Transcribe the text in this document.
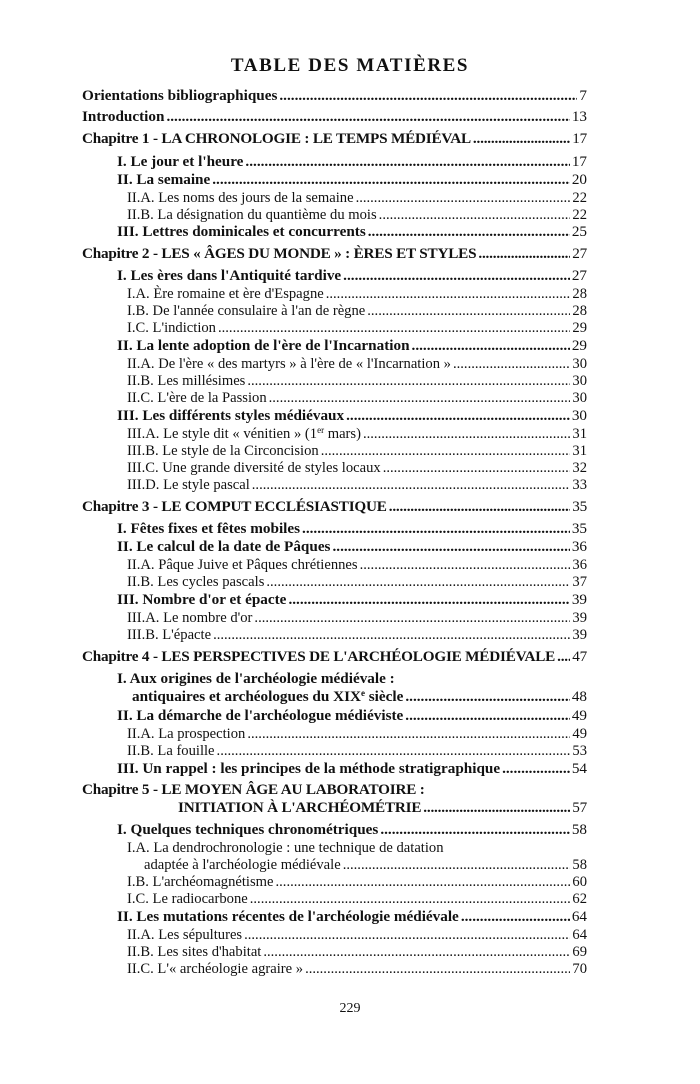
TABLE DES MATIÈRES
Orientations bibliographiques .....	7
Introduction .....	13
Chapitre 1 - LA CHRONOLOGIE : LE TEMPS MÉDIÉVAL .....	17
I. Le jour et l'heure .....	17
II. La semaine .....	20
II.A. Les noms des jours de la semaine .....	22
II.B. La désignation du quantième du mois .....	22
III. Lettres dominicales et concurrents .....	25
Chapitre 2 - LES « ÂGES DU MONDE » : ÈRES ET STYLES .....	27
I. Les ères dans l'Antiquité tardive .....	27
I.A. Ère romaine et ère d'Espagne .....	28
I.B. De l'année consulaire à l'an de règne .....	28
I.C. L'indiction .....	29
II. La lente adoption de l'ère de l'Incarnation .....	29
II.A. De l'ère « des martyrs » à l'ère de « l'Incarnation » .....	30
II.B. Les millésimes .....	30
II.C. L'ère de la Passion .....	30
III. Les différents styles médiévaux .....	30
III.A. Le style dit « vénitien » (1er mars) .....	31
III.B. Le style de la Circoncision .....	31
III.C. Une grande diversité de styles locaux .....	32
III.D. Le style pascal .....	33
Chapitre 3 - LE COMPUT ECCLÉSIASTIQUE .....	35
I. Fêtes fixes et fêtes mobiles .....	35
II. Le calcul de la date de Pâques .....	36
II.A. Pâque Juive et Pâques chrétiennes .....	36
II.B. Les cycles pascals .....	37
III. Nombre d'or et épacte .....	39
III.A. Le nombre d'or .....	39
III.B. L'épacte .....	39
Chapitre 4 - LES PERSPECTIVES DE L'ARCHÉOLOGIE MÉDIÉVALE ..... 47
I. Aux origines de l'archéologie médiévale :
antiquaires et archéologues du XIXe siècle .....	48
II. La démarche de l'archéologue médiéviste .....	49
II.A. La prospection .....	49
II.B. La fouille .....	53
III. Un rappel : les principes de la méthode stratigraphique .....	54
Chapitre 5 - LE MOYEN ÂGE AU LABORATOIRE :
INITIATION À L'ARCHÉOMÉTRIE .....	57
I. Quelques techniques chronométriques .....	58
I.A. La dendrochronologie : une technique de datation
adaptée à l'archéologie médiévale .....	58
I.B. L'archéomagnétisme .....	60
I.C. Le radiocarbone .....	62
II. Les mutations récentes de l'archéologie médiévale .....	64
II.A. Les sépultures .....	64
II.B. Les sites d'habitat .....	69
II.C. L'« archéologie agraire » .....	70
229
